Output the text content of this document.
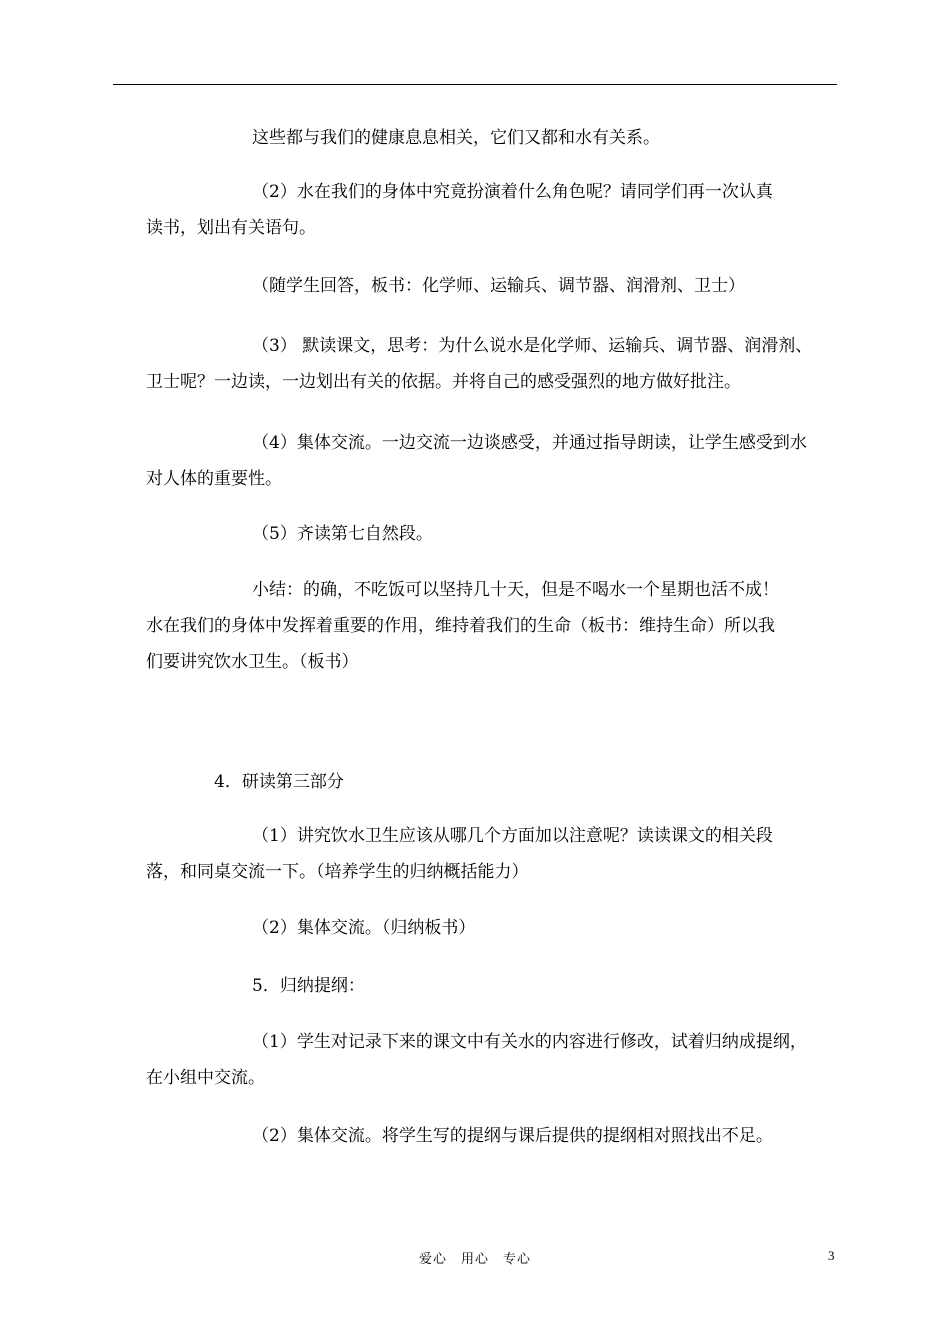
这些都与我们的健康息息相关，它们又都和水有关系。

（2）水在我们的身体中究竟扮演着什么角色呢？请同学们再一次认真
读书，划出有关语句。

（随学生回答，板书：化学师、运输兵、调节器、润滑剂、卫士）

（3） 默读课文，思考：为什么说水是化学师、运输兵、调节器、润滑剂、
卫士呢？一边读，一边划出有关的依据。并将自己的感受强烈的地方做好批注。

（4）集体交流。一边交流一边谈感受，并通过指导朗读，让学生感受到水
对人体的重要性。

（5）齐读第七自然段。

小结：的确，不吃饭可以坚持几十天，但是不喝水一个星期也活不成！
水在我们的身体中发挥着重要的作用，维持着我们的生命（板书：维持生命）所以我
们要讲究饮水卫生。（板书）

4．研读第三部分

（1）讲究饮水卫生应该从哪几个方面加以注意呢？读读课文的相关段
落，和同桌交流一下。（培养学生的归纳概括能力）

（2）集体交流。（归纳板书）

5．归纳提纲：

（1）学生对记录下来的课文中有关水的内容进行修改，试着归纳成提纲，
在小组中交流。

（2）集体交流。将学生写的提纲与课后提供的提纲相对照找出不足。

爱心　用心　专心	3
